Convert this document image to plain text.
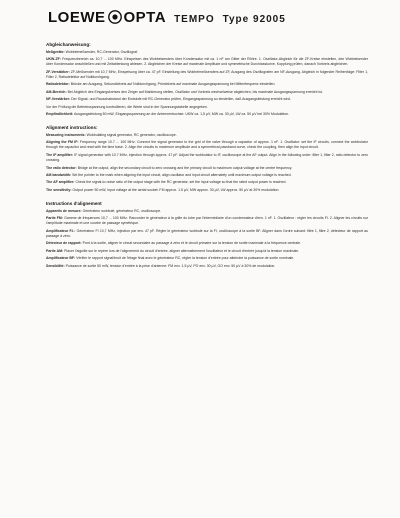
LOEWE OPTA TEMPO Type 92005
Abgleichanweisung:
Meßgeräte: Wobbelmeßsender, RC-Generator, Oszillograf.
UKW-ZF: Frequenzbereich ca. 10,7 ... 100 MHz. Einspeisen des Wobbelsenders über Kondensator mit ca. 1 nF am Gitter der Röhre. 1. Oszillator-Abgleich für die ZF-Kreise einstellen, den Wobbelsender über Kondensator anschließen und mit Zeitablenkung ablesen. 2. Abgleichen der Kreise auf maximale Amplitude und symmetrische Durchlasskurve, Kopplung prüfen, danach Vorkreis abgleichen.
ZF-Verstärker: ZF-Meßsender mit 10,7 MHz, Einspeisung über ca. 47 pF. Einstellung des Wobbelmeßsenders auf ZF, Ausgang des Oszillografen am NF-Ausgang. Abgleich in folgender Reihenfolge: Filter 1, Filter 2, Ratiodetektor auf Nulldurchgang.
Ratiodetektor: Brücke am Ausgang, Sekundärkreis auf Nulldurchgang, Primärkreis auf maximale Ausgangsspannung bei Mittenfrequenz einstellen.
AM-Bereich: Bei Abgleich des Eingangskreises den Zeiger auf Markierung stellen, Oszillator und Vorkreis wechselweise abgleichen, bis maximale Ausgangsspannung erreicht ist.
NF-Verstärker: Der Signal- und Rauschabstand der Endstufe mit RC-Generator prüfen, Eingangsspannung so einstellen, daß Ausgangsleistung erreicht wird.
Vor der Prüfung die Betriebsspannung kontrollieren, die Werte sind in der Spannungstabelle angegeben.
Empfindlichkeit: Ausgangsleistung 50 mW, Eingangsspannung an der Antennenbuchse: UKW ca. 1,5 µV, MW ca. 30 µV, LW ca. 50 µV bei 30% Modulation.
Alignment instructions:
Measuring instruments: Wobbulating signal generator, RC generator, oscilloscope.
Aligning the FM IF: Frequency range 10.7 ... 100 MHz. Connect the signal generator to the grid of the valve through a capacitor of approx. 1 nF. 1. Oscillator: set the IF circuits, connect the wobbulator through the capacitor and read with the time base. 2. Align the circuits to maximum amplitude and a symmetrical passband curve, check the coupling, then align the input circuit.
The IF amplifier: IF signal generator with 10.7 MHz, injection through approx. 47 pF. Adjust the wobbulator to IF, oscilloscope at the AF output. Align in the following order: filter 1, filter 2, ratio detector to zero crossing.
The ratio detector: Bridge at the output, align the secondary circuit to zero crossing and the primary circuit to maximum output voltage at the centre frequency.
AM bandwidth: Set the pointer to the mark when aligning the input circuit, align oscillator and input circuit alternately until maximum output voltage is reached.
The AF amplifier: Check the signal-to-noise ratio of the output stage with the RC generator, set the input voltage so that the rated output power is reached.
The sensitivity: Output power 50 mW, input voltage at the aerial socket: FM approx. 1.5 µV, MW approx. 30 µV, LW approx. 50 µV at 30% modulation.
Instructions d'alignement
Appareils de mesure: Générateur wobbulé, générateur RC, oscilloscope.
Partie FM: Gamme de fréquences 10,7 ... 100 MHz. Raccorder le générateur à la grille du tube par l'intermédiaire d'un condensateur d'env. 1 nF. 1. Oscillateur : régler les circuits FI. 2. Aligner les circuits sur l'amplitude maximale et une courbe de passage symétrique.
Amplificateur F.I.: Générateur FI 10,7 MHz, injection par env. 47 pF. Régler le générateur wobbulé sur la FI, oscilloscope à la sortie BF. Aligner dans l'ordre suivant: filtre 1, filtre 2, détecteur de rapport au passage à zéro.
Détecteur de rapport: Pont à la sortie, aligner le circuit secondaire au passage à zéro et le circuit primaire sur la tension de sortie maximale à la fréquence centrale.
Partie AM: Placer l'aiguille sur le repère lors de l'alignement du circuit d'entrée, aligner alternativement l'oscillateur et le circuit d'entrée jusqu'à la tension maximale.
Amplificateur BF: Vérifier le rapport signal/bruit de l'étage final avec le générateur RC, régler la tension d'entrée pour atteindre la puissance de sortie nominale.
Sensibilité: Puissance de sortie 50 mW, tension d'entrée à la prise d'antenne: FM env. 1,5 µV, PO env. 30 µV, GO env. 50 µV à 30% de modulation.
